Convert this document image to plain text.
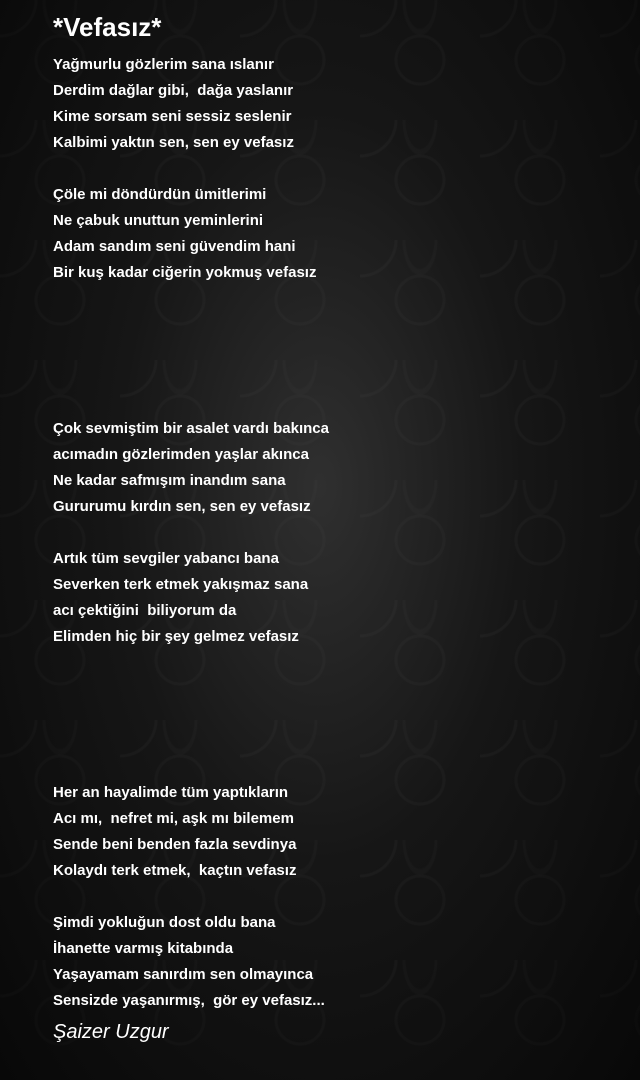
*Vefasız*
Yağmurlu gözlerim sana ıslanır
Derdim dağlar gibi,  dağa yaslanır
Kime sorsam seni sessiz seslenir
Kalbimi yaktın sen, sen ey vefasız
Çöle mi döndürdün ümitlerimi
Ne çabuk unuttun yeminlerini
Adam sandım seni güvendim hani
Bir kuş kadar ciğerin yokmuş vefasız
Çok sevmiştim bir asalet vardı bakınca
acımadın gözlerimden yaşlar akınca
Ne kadar safmışım inandım sana
Gururumu kırdın sen, sen ey vefasız
Artık tüm sevgiler yabancı bana
Severken terk etmek yakışmaz sana
acı çektiğini  biliyorum da
Elimden hiç bir şey gelmez vefasız
Her an hayalimde tüm yaptıkların
Acı mı,  nefret mi, aşk mı bilemem
Sende beni benden fazla sevdinya
Kolaydı terk etmek,  kaçtın vefasız
Şimdi yokluğun dost oldu bana
İhanette varmış kitabında
Yaşayamam sanırdım sen olmayınca
Sensizde yaşanırmış,  gör ey vefasız...

Şaizer Uzgur
